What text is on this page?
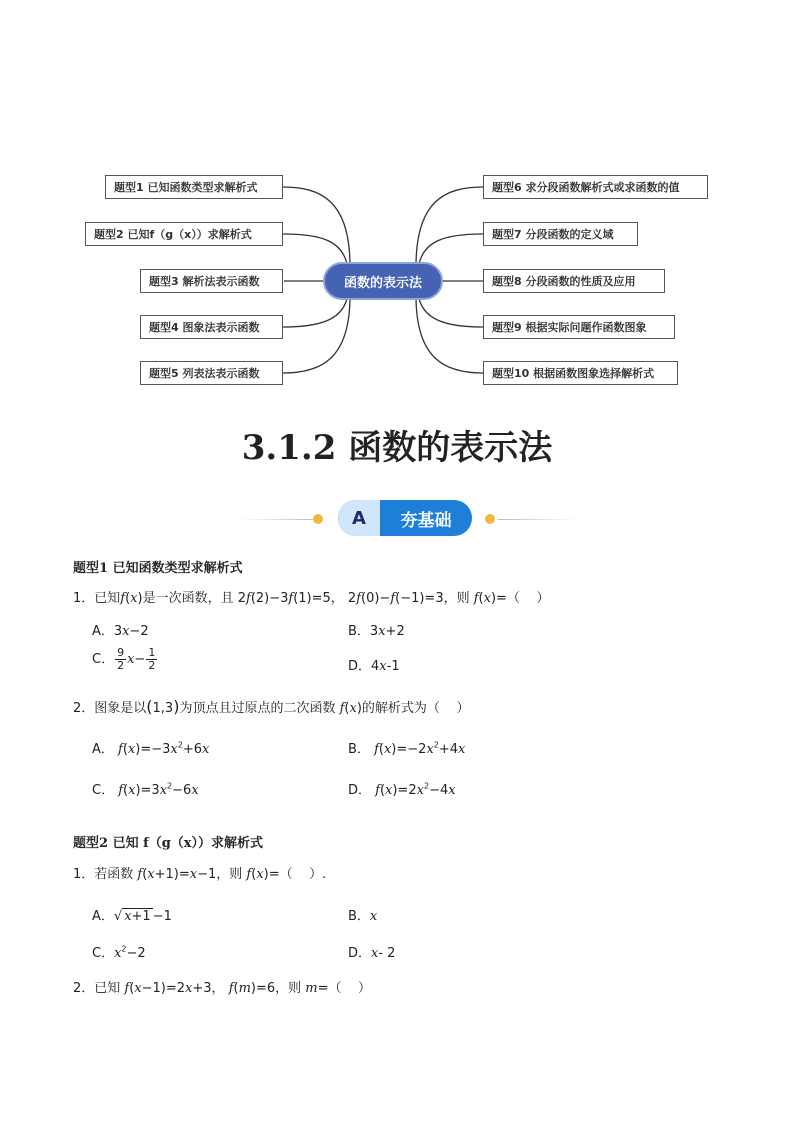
题型1 已知函数类型求解析式
题型2 已知f（g（x））求解析式
题型3 解析法表示函数
题型4 图象法表示函数
题型5 列表法表示函数
函数的表示法
题型6 求分段函数解析式或求函数的值
题型7 分段函数的定义域
题型8 分段函数的性质及应用
题型9 根据实际问题作函数图象
题型10 根据函数图象选择解析式
3.1.2 函数的表示法
A	夯基础
题型1 已知函数类型求解析式
1．已知f(x)是一次函数，且 2f(2)−3f(1)=5， 2f(0)−f(−1)=3，则 f(x)=（    ）
A．3x−2	B．3x+2
C． $\frac{9}{2} x- \frac{1}{2}$	D．4x-1
2．图象是以(1,3)为顶点且过原点的二次函数 f(x)的解析式为（    ）
A． $f(x)=-3x^2+6x$	B． $f(x)=-2x^2+4x$
C． $f(x)=3x^2-6x$	D． $f(x)=2x^2-4x$
题型2 已知 f（g（x））求解析式
1．若函数 f(x+1)=x−1，则 f(x)=（    ）.
A．√ x+1 −1	B．x
C．$x^2-2$	D．x- 2
2．已知 f(x−1)=2x+3， f(m)=6，则 m=（    ）
